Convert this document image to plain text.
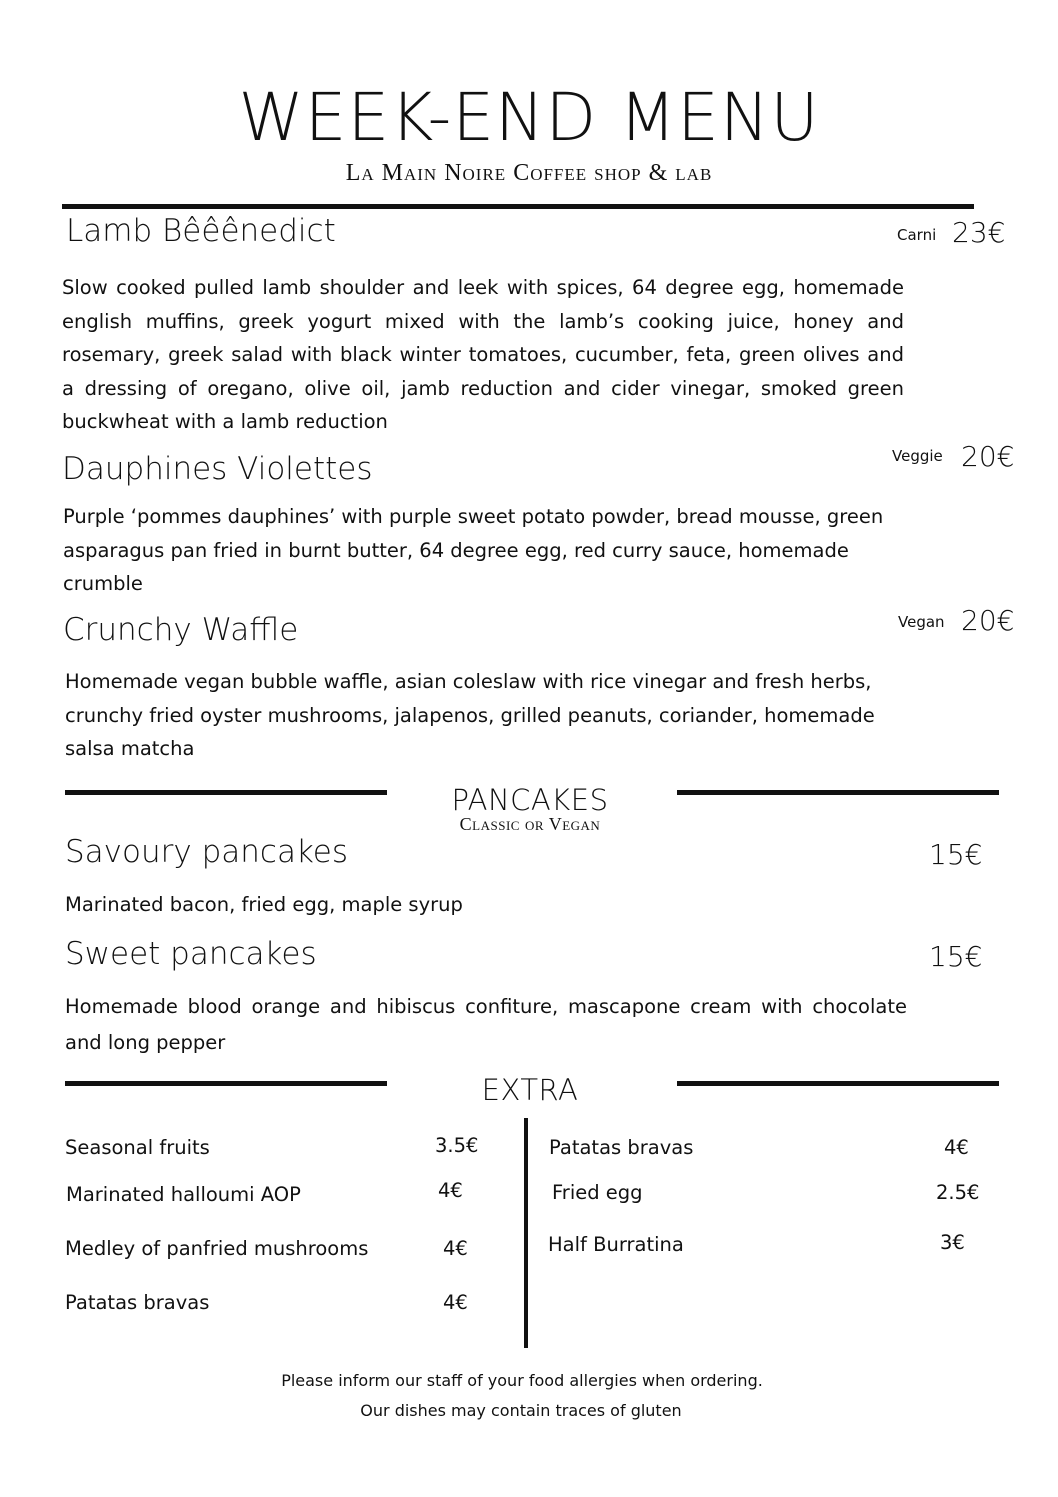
WEEK-END MENU
La Main Noire Coffee shop & lab
Lamb Bêêênedict	Carni 23€
Slow cooked pulled lamb shoulder and leek with spices, 64 degree egg, homemade english muffins, greek yogurt mixed with the lamb’s cooking juice, honey and rosemary, greek salad with black winter tomatoes, cucumber, feta, green olives and a dressing of oregano, olive oil, jamb reduction and cider vinegar, smoked green buckwheat with a lamb reduction
Dauphines Violettes	Veggie 20€
Purple ‘pommes dauphines’ with purple sweet potato powder, bread mousse, green asparagus pan fried in burnt butter, 64 degree egg, red curry sauce, homemade crumble
Crunchy Waffle	Vegan 20€
Homemade vegan bubble waffle, asian coleslaw with rice vinegar and fresh herbs, crunchy fried oyster mushrooms, jalapenos, grilled peanuts, coriander, homemade salsa matcha
PANCAKES
Classic or Vegan
Savoury pancakes	15€
Marinated bacon, fried egg, maple syrup
Sweet pancakes	15€
Homemade blood orange and hibiscus confiture, mascapone cream with chocolate and long pepper
EXTRA
Seasonal fruits	3.5€
Marinated halloumi AOP	4€
Medley of panfried mushrooms	4€
Patatas bravas	4€
Patatas bravas	4€
Fried egg	2.5€
Half Burratina	3€
Please inform our staff of your food allergies when ordering.
Our dishes may contain traces of gluten
